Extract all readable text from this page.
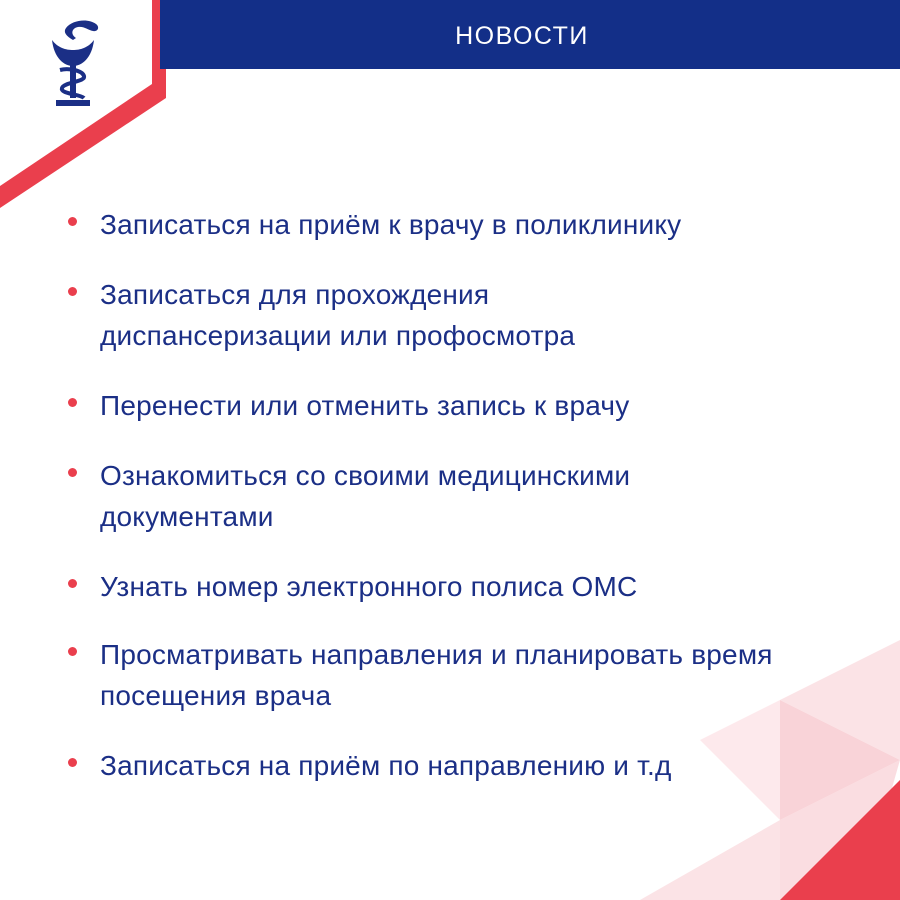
НОВОСТИ
Записаться на приём к врачу в поликлинику
Записаться для прохождения диспансеризации или профосмотра
Перенести или отменить запись к врачу
Ознакомиться со своими медицинскими документами
Узнать номер электронного полиса ОМС
Просматривать направления и планировать время посещения врача
Записаться на приём по направлению и т.д
